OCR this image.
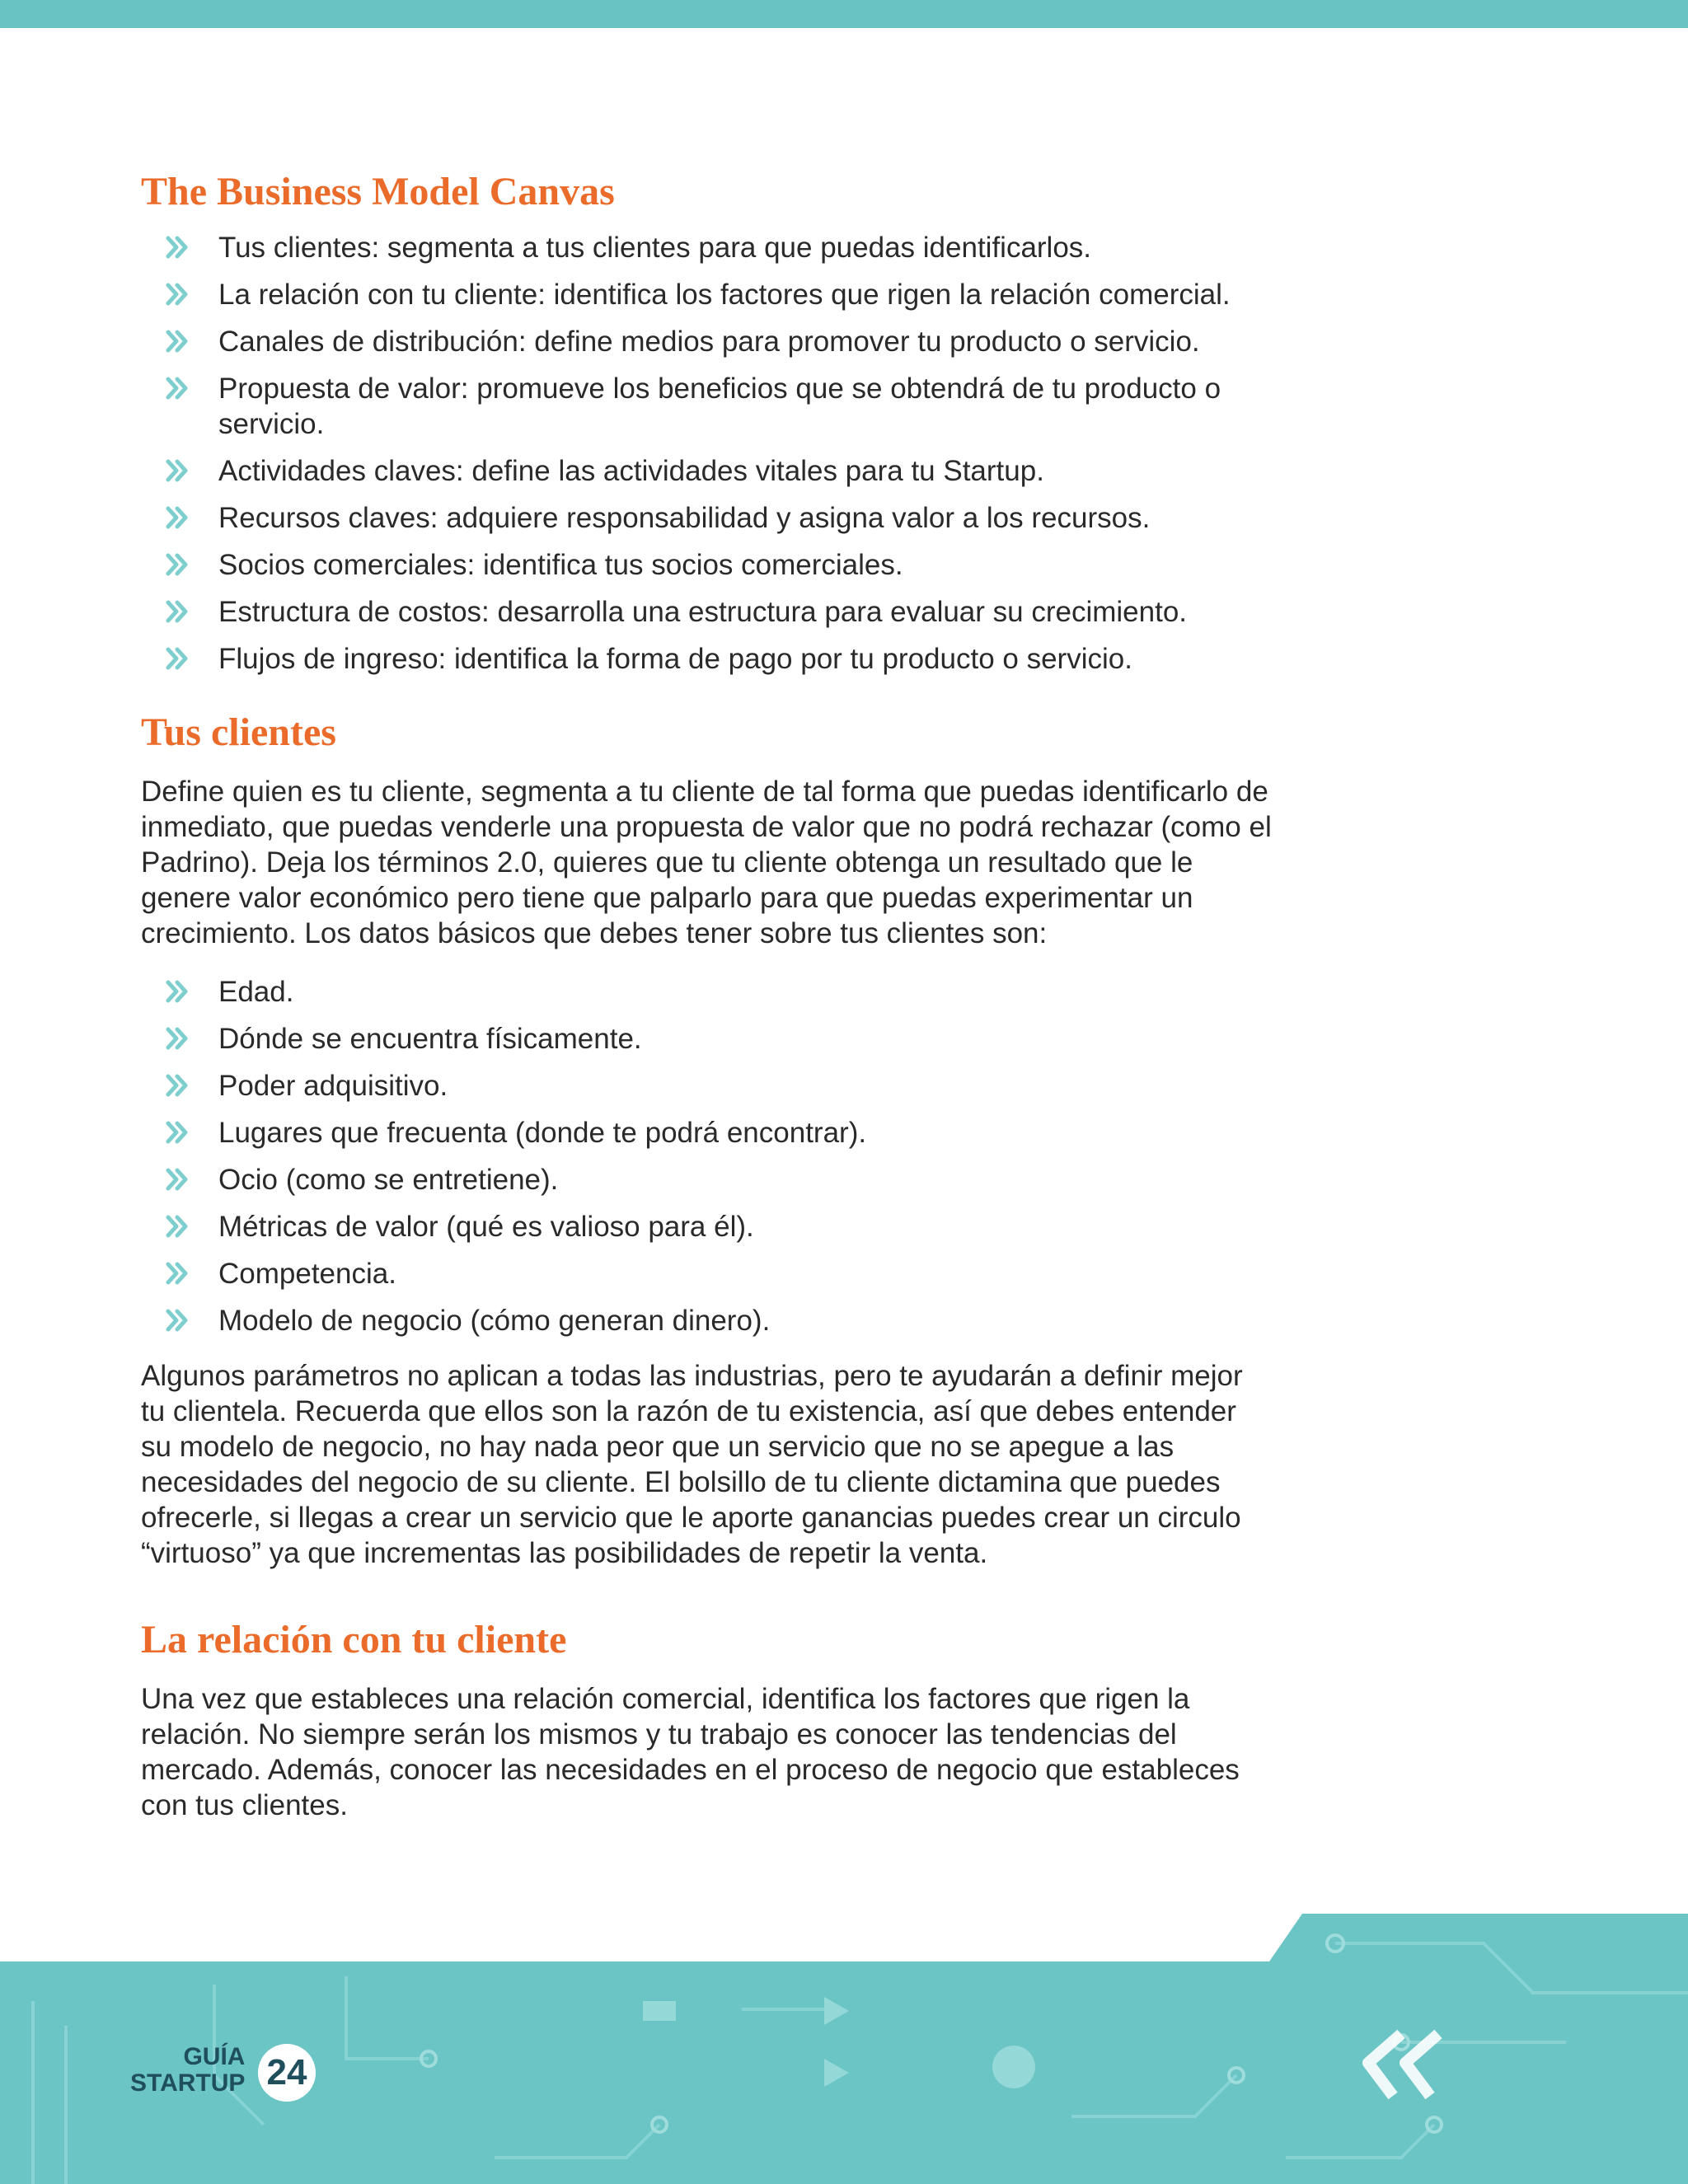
The Business Model Canvas
Tus clientes: segmenta a tus clientes para que puedas identificarlos.
La relación con tu cliente: identifica los factores que rigen la relación comercial.
Canales de distribución: define medios para promover tu producto o servicio.
Propuesta de valor: promueve los beneficios que se obtendrá de tu producto o servicio.
Actividades claves: define las actividades vitales para tu Startup.
Recursos claves: adquiere responsabilidad y asigna valor a los recursos.
Socios comerciales: identifica tus socios comerciales.
Estructura de costos: desarrolla una estructura para evaluar su crecimiento.
Flujos de ingreso: identifica la forma de pago por tu producto o servicio.
Tus clientes

Define quien es tu cliente, segmenta a tu cliente de tal forma que puedas identificarlo de inmediato, que puedas venderle una propuesta de valor que no podrá rechazar (como el Padrino). Deja los términos 2.0, quieres que tu cliente obtenga un resultado que le genere valor económico pero tiene que palparlo para que puedas experimentar un crecimiento. Los datos básicos que debes tener sobre tus clientes son:

Edad.
Dónde se encuentra físicamente.
Poder adquisitivo.
Lugares que frecuenta (donde te podrá encontrar).
Ocio (como se entretiene).
Métricas de valor (qué es valioso para él).
Competencia.
Modelo de negocio (cómo generan dinero).

Algunos parámetros no aplican a todas las industrias, pero te ayudarán a definir mejor tu clientela. Recuerda que ellos son la razón de tu existencia, así que debes entender su modelo de negocio, no hay nada peor que un servicio que no se apegue a las necesidades del negocio de su cliente. El bolsillo de tu cliente dictamina que puedes ofrecerle, si llegas a crear un servicio que le aporte ganancias puedes crear un circulo “virtuoso” ya que incrementas las posibilidades de repetir la venta.

La relación con tu cliente

Una vez que estableces una relación comercial, identifica los factores que rigen la relación. No siempre serán los mismos y tu trabajo es conocer las tendencias del mercado. Además, conocer las necesidades en el proceso de negocio que estableces con tus clientes.

GUÍA
STARTUP 24
